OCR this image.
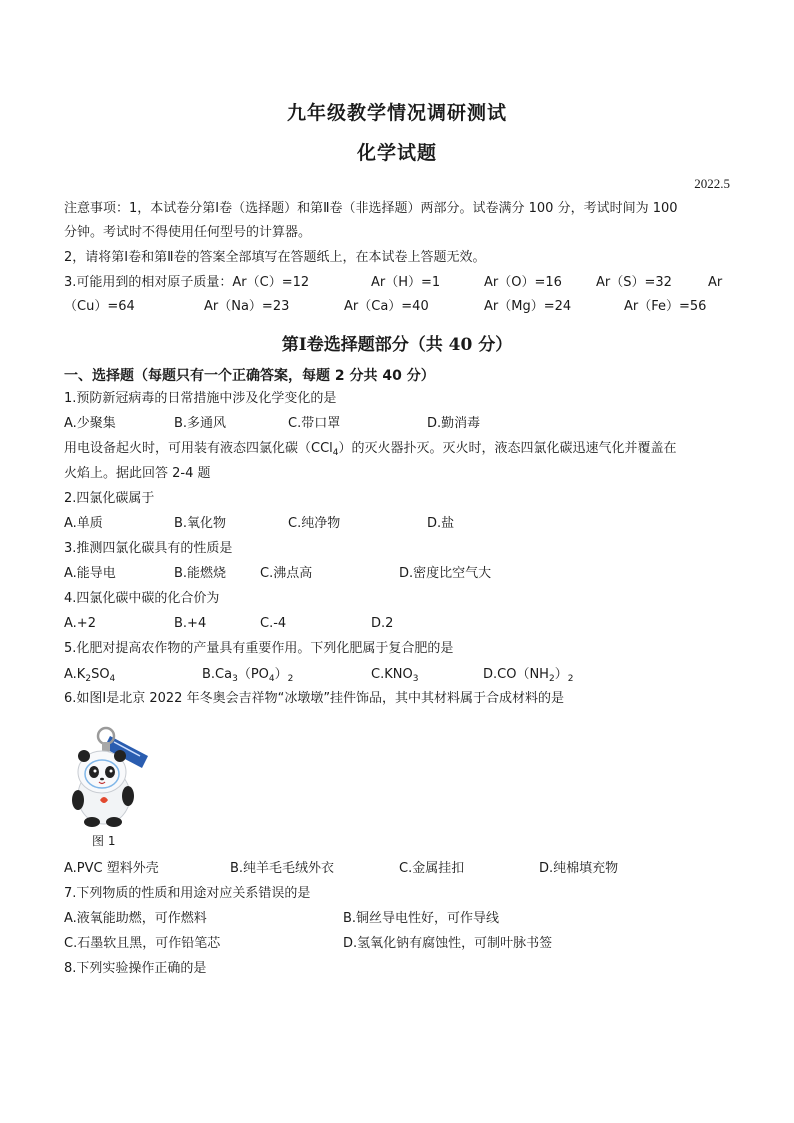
九年级教学情况调研测试
化学试题
2022.5
注意事项：1，本试卷分第Ⅰ卷（选择题）和第Ⅱ卷（非选择题）两部分。试卷满分 100 分，考试时间为 100
分钟。考试时不得使用任何型号的计算器。
2，请将第Ⅰ卷和第Ⅱ卷的答案全部填写在答题纸上，在本试卷上答题无效。
3.可能用到的相对原子质量：Ar（C）=12	Ar（H）=1	Ar（O）=16	Ar（S）=32	Ar
（Cu）=64	Ar（Na）=23	Ar（Ca）=40	Ar（Mg）=24	Ar（Fe）=56
第Ⅰ卷选择题部分（共 40 分）
一、选择题（每题只有一个正确答案，每题 2 分共 40 分）
1.预防新冠病毒的日常措施中涉及化学变化的是
A.少聚集	B.多通风	C.带口罩	D.勤消毒
用电设备起火时，可用装有液态四氯化碳（CCl$_4$）的灭火器扑灭。灭火时，液态四氯化碳迅速气化并覆盖在
火焰上。据此回答 2-4 题
2.四氯化碳属于
A.单质	B.氧化物	C.纯净物	D.盐
3.推测四氯化碳具有的性质是
A.能导电	B.能燃烧	C.沸点高	D.密度比空气大
4.四氯化碳中碳的化合价为
A.+2	B.+4	C.-4	D.2
5.化肥对提高农作物的产量具有重要作用。下列化肥属于复合肥的是
$A.K_2SO_4$	$B.Ca_3(PO_4)_2$	$C.KNO_3$	$D.CO(NH_2)_2$
6.如图Ⅰ是北京 2022 年冬奥会吉祥物“冰墩墩”挂件饰品，其中其材料属于合成材料的是
图 1
A.PVC 塑料外壳	B.纯羊毛毛绒外衣	C.金属挂扣	D.纯棉填充物
7.下列物质的性质和用途对应关系错误的是
A.液氧能助燃，可作燃料	B.铜丝导电性好，可作导线
C.石墨软且黑，可作铅笔芯	D.氢氧化钠有腐蚀性，可制叶脉书签
8.下列实验操作正确的是
